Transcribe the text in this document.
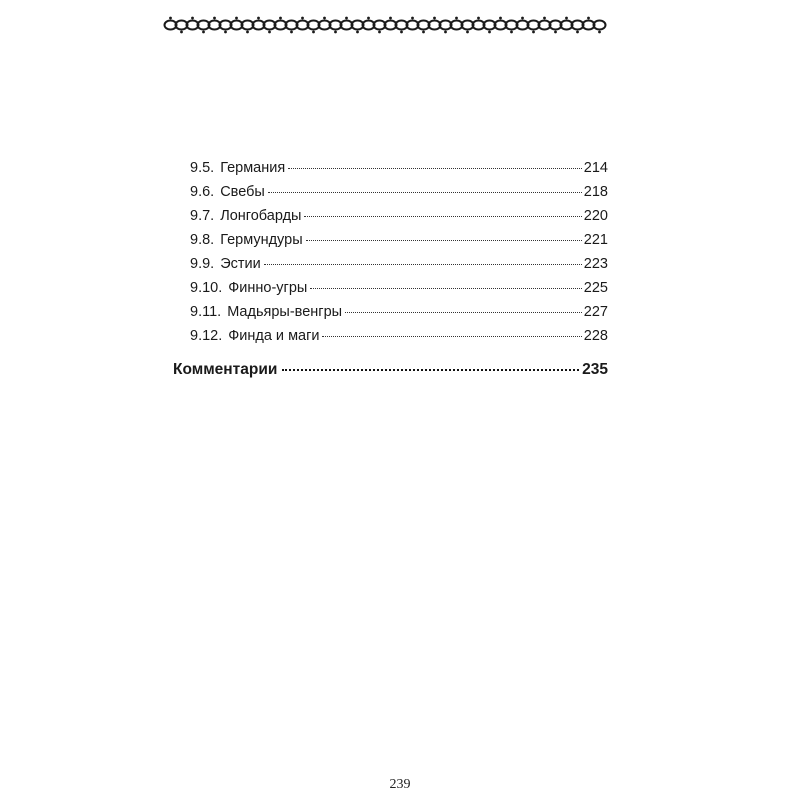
9.5. Германия	214
9.6. Свебы	218
9.7. Лонгобарды	220
9.8. Гермундуры	221
9.9. Эстии	223
9.10. Финно-угры	225
9.11. Мадьяры-венгры	227
9.12. Финда и маги	228
Комментарии	235
239
